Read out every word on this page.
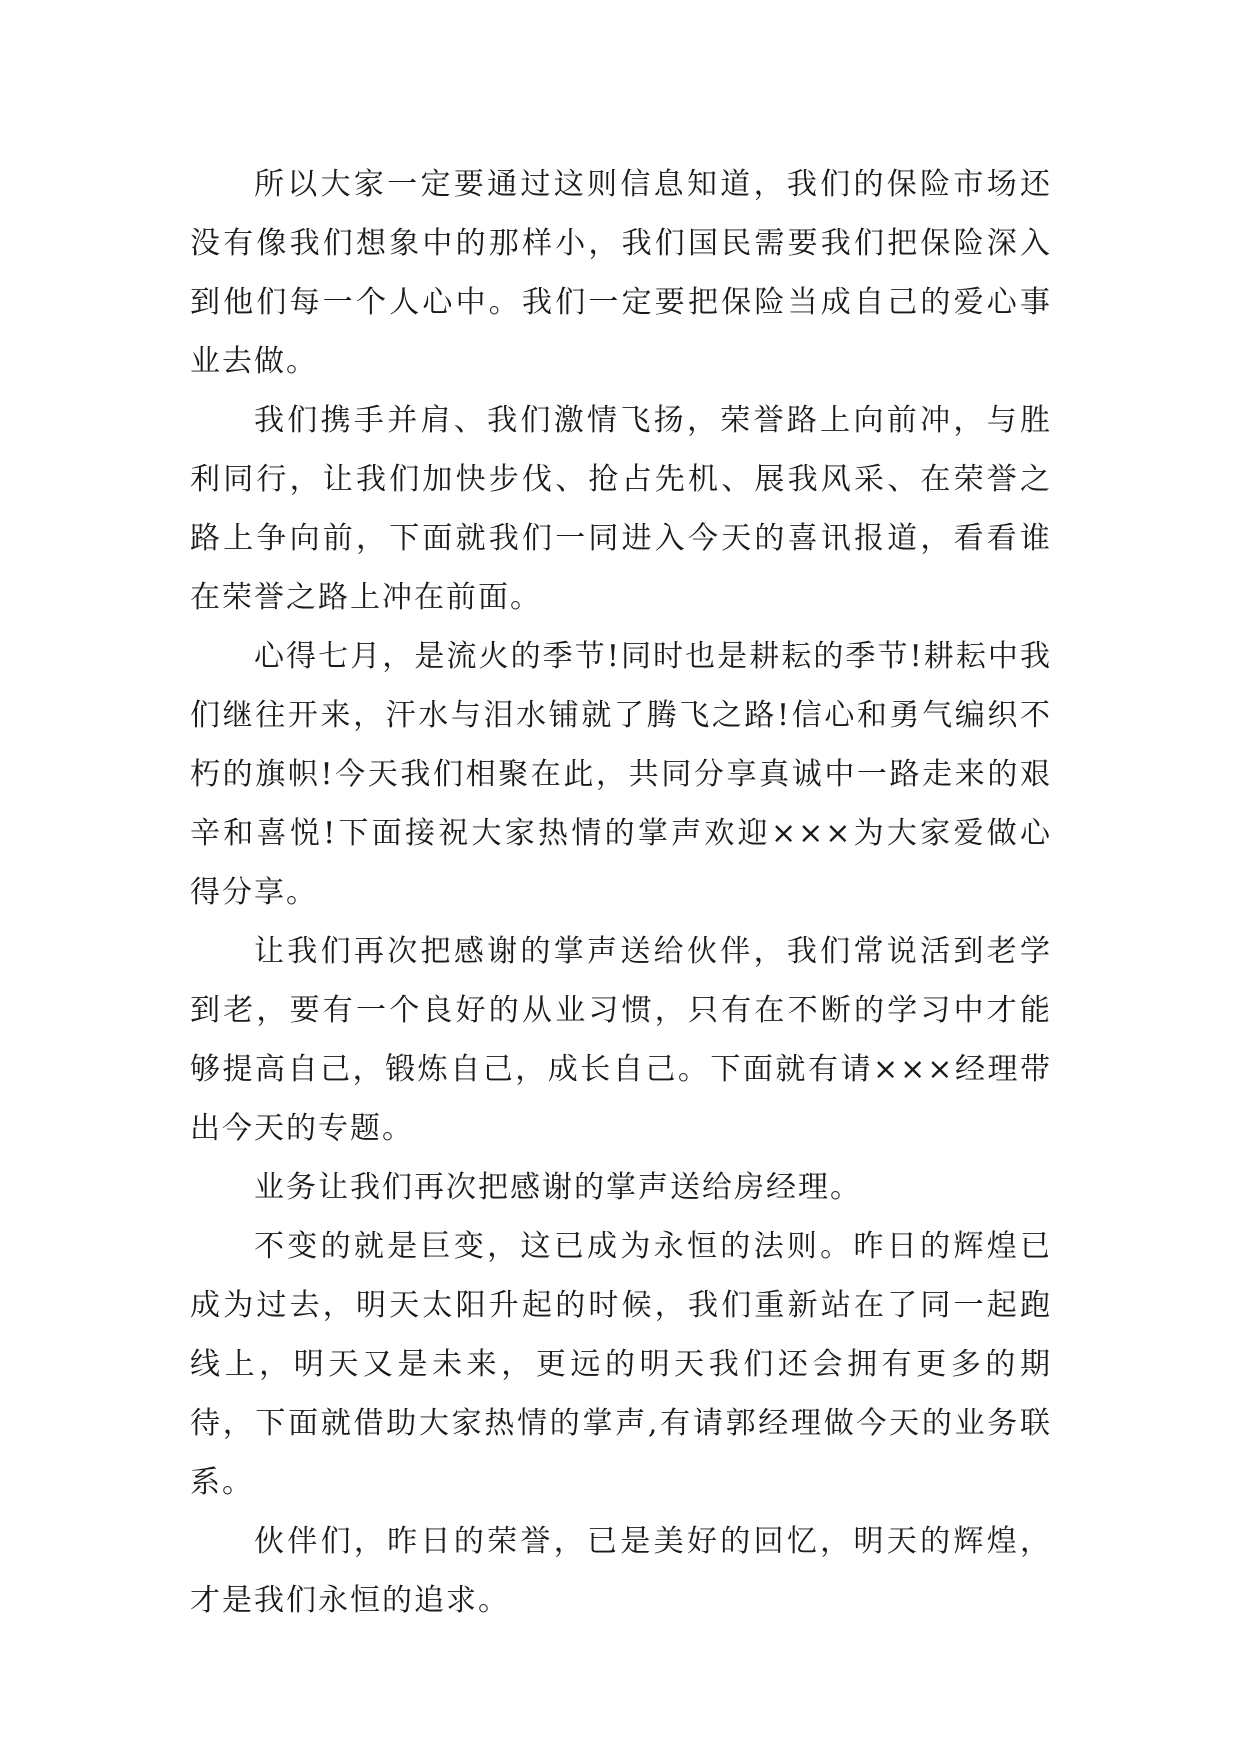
所以大家一定要通过这则信息知道，我们的保险市场还没有像我们想象中的那样小，我们国民需要我们把保险深入到他们每一个人心中。我们一定要把保险当成自己的爱心事业去做。

我们携手并肩、我们激情飞扬，荣誉路上向前冲，与胜利同行，让我们加快步伐、抢占先机、展我风采、在荣誉之路上争向前，下面就我们一同进入今天的喜讯报道，看看谁在荣誉之路上冲在前面。

心得七月，是流火的季节!同时也是耕耘的季节!耕耘中我们继往开来，汗水与泪水铺就了腾飞之路!信心和勇气编织不朽的旗帜!今天我们相聚在此，共同分享真诚中一路走来的艰辛和喜悦!下面接祝大家热情的掌声欢迎×××为大家爱做心得分享。

让我们再次把感谢的掌声送给伙伴，我们常说活到老学到老，要有一个良好的从业习惯，只有在不断的学习中才能够提高自己，锻炼自己，成长自己。下面就有请×××经理带出今天的专题。

业务让我们再次把感谢的掌声送给房经理。

不变的就是巨变，这已成为永恒的法则。昨日的辉煌已成为过去，明天太阳升起的时候，我们重新站在了同一起跑线上，明天又是未来，更远的明天我们还会拥有更多的期待，下面就借助大家热情的掌声,有请郭经理做今天的业务联系。

伙伴们，昨日的荣誉，已是美好的回忆，明天的辉煌，才是我们永恒的追求。
